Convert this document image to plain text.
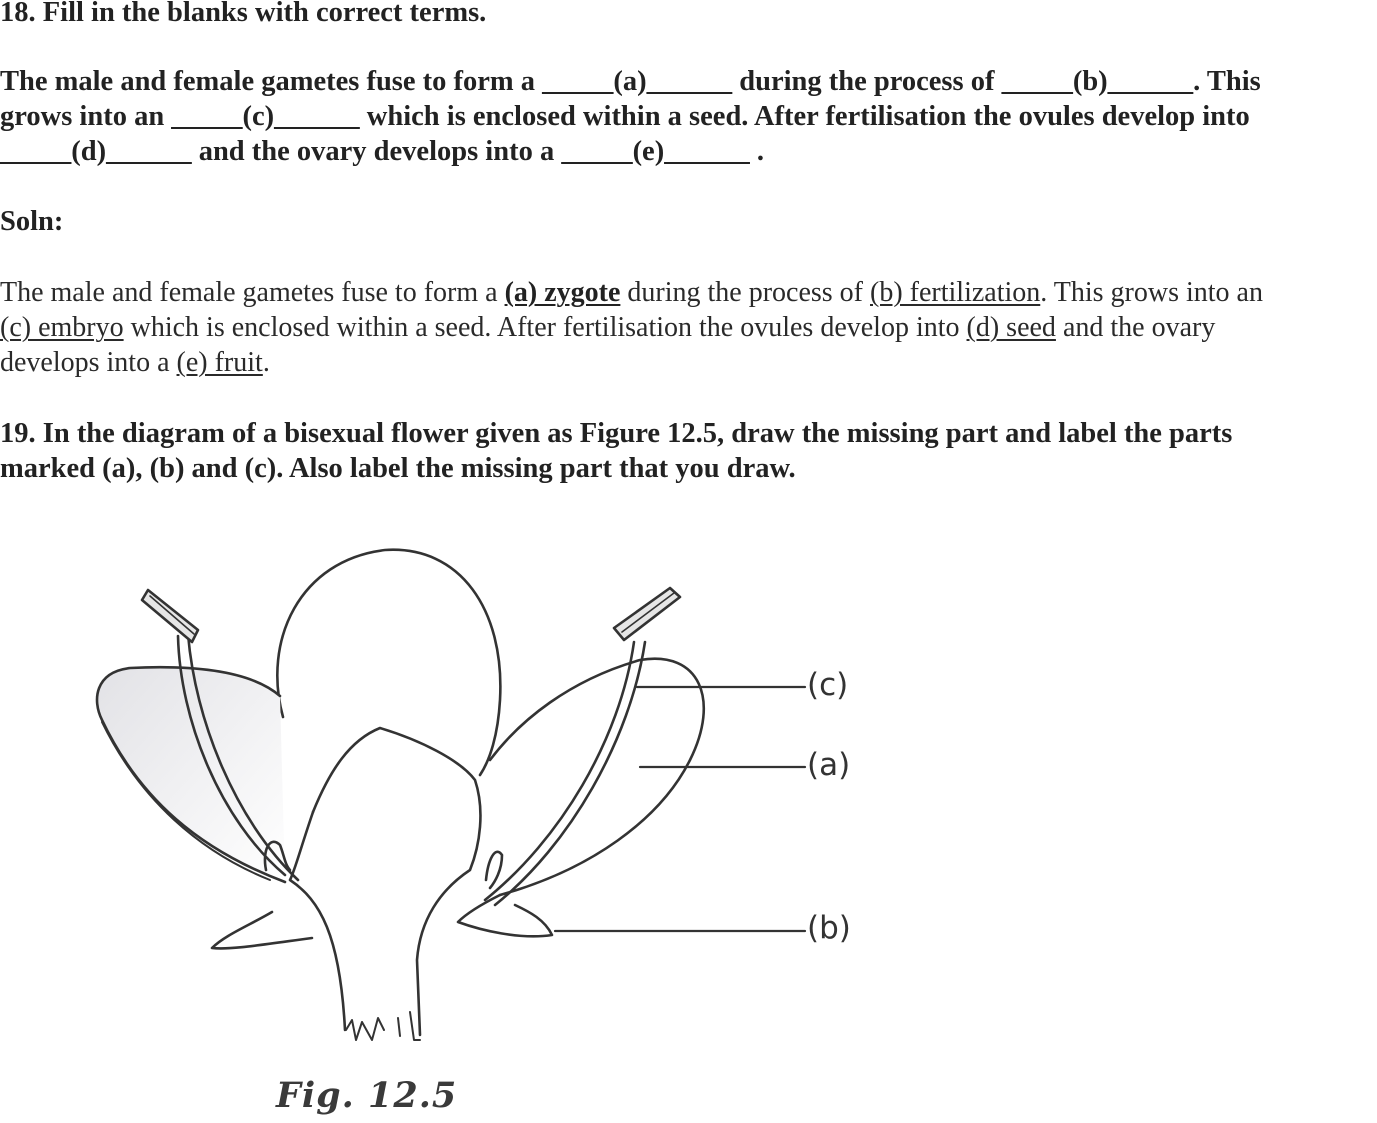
18. Fill in the blanks with correct terms.
The male and female gametes fuse to form a _____(a)______ during the process of _____(b)______. This
grows into an _____(c)______ which is enclosed within a seed. After fertilisation the ovules develop into
_____(d)______ and the ovary develops into a _____(e)______ .
Soln:
The male and female gametes fuse to form a (a) zygote during the process of (b) fertilization. This grows into an
(c) embryo which is enclosed within a seed. After fertilisation the ovules develop into (d) seed and the ovary
develops into a (e) fruit.
19. In the diagram of a bisexual flower given as Figure 12.5, draw the missing part and label the parts
marked (a), (b) and (c). Also label the missing part that you draw.
(c)
(a)
(b)
Fig. 12.5
